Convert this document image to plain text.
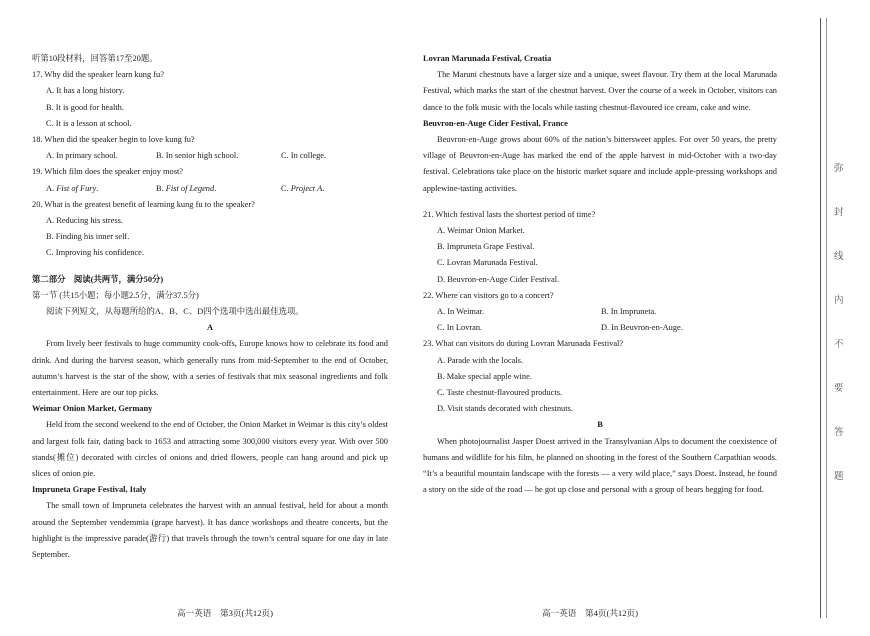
听第10段材料，回答第17至20题。
17. Why did the speaker learn kung fu?
A. It has a long history.
B. It is good for health.
C. It is a lesson at school.
18. When did the speaker begin to love kung fu?
A. In primary school.	B. In senior high school.	C. In college.
19. Which film does the speaker enjoy most?
A. Fist of Fury.	B. Fist of Legend.	C. Project A.
20. What is the greatest benefit of learning kung fu to the speaker?
A. Reducing his stress.
B. Finding his inner self.
C. Improving his confidence.
第二部分　阅读(共两节，满分50分)
第一节 (共15小题；每小题2.5分，满分37.5分)
阅读下列短文，从每题所给的A、B、C、D四个选项中选出最佳选项。
A
From lively beer festivals to huge community cook-offs, Europe knows how to celebrate its food and drink. And during the harvest season, which generally runs from mid-September to the end of October, autumn’s harvest is the star of the show, with a series of festivals that mix seasonal ingredients and folk entertainment. Here are our top picks.
Weimar Onion Market, Germany
Held from the second weekend to the end of October, the Onion Market in Weimar is this city’s oldest and largest folk fair, dating back to 1653 and attracting some 300,000 visitors every year. With over 500 stands(摊位) decorated with circles of onions and dried flowers, people can hang around and pick up slices of onion pie.
Impruneta Grape Festival, Italy
The small town of Impruneta celebrates the harvest with an annual festival, held for about a month around the September vendemmia (grape harvest). It has dance workshops and theatre concerts, but the highlight is the impressive parade(游行) that travels through the town’s central square for one day in late September.
Lovran Marunada Festival, Croatia
The Maruni chestnuts have a larger size and a unique, sweet flavour. Try them at the local Marunada Festival, which marks the start of the chestnut harvest. Over the course of a week in October, visitors can dance to the folk music with the locals while tasting chestnut-flavoured ice cream, cake and wine.
Beuvron-en-Auge Cider Festival, France
Beuvron-en-Auge grows about 60% of the nation’s bittersweet apples. For over 50 years, the pretty village of Beuvron-en-Auge has marked the end of the apple harvest in mid-October with a two-day festival. Celebrations take place on the historic market square and include apple-pressing workshops and applewine-tasting activities.
21. Which festival lasts the shortest period of time?
A. Weimar Onion Market.
B. Impruneta Grape Festival.
C. Lovran Marunada Festival.
D. Beuvron-en-Auge Cider Festival.
22. Where can visitors go to a concert?
A. In Weimar.	B. In Impruneta.
C. In Lovran.	D. In Beuvron-en-Auge.
23. What can visitors do during Lovran Marunada Festival?
A. Parade with the locals.
B. Make special apple wine.
C. Taste chestnut-flavoured products.
D. Visit stands decorated with chestnuts.
B
When photojournalist Jasper Doest arrived in the Transylvanian Alps to document the coexistence of humans and wildlife for his film, he planned on shooting in the forest of the Southern Carpathian woods. “It’s a beautiful mountain landscape with the forests — a very wild place,” says Doest. Instead, he found a story on the side of the road — he got up close and personal with a group of bears begging for food.
高一英语　第3页(共12页)	高一英语　第4页(共12页)
弥
封
线
内
不
要
答
题
